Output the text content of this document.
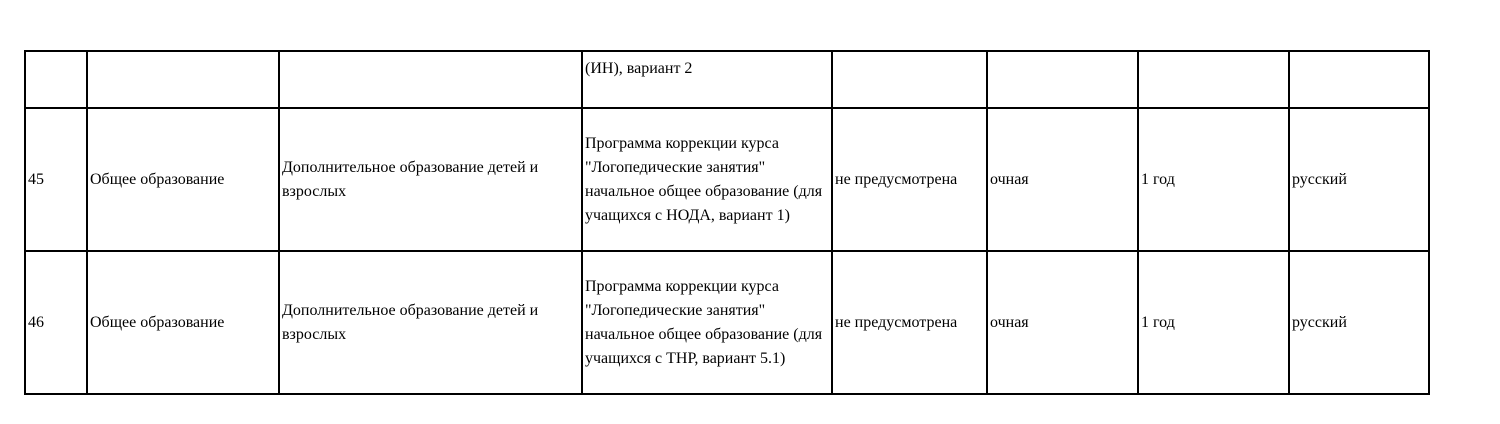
			(ИН), вариант 2				
45	Общее образование	Дополнительное образование детей и взрослых	Программа коррекции курса "Логопедические занятия" начальное общее образование (для учащихся с НОДА, вариант 1)	не предусмотрена	очная	1 год	русский
46	Общее образование	Дополнительное образование детей и взрослых	Программа коррекции курса "Логопедические занятия" начальное общее образование (для учащихся с ТНР, вариант 5.1)	не предусмотрена	очная	1 год	русский
